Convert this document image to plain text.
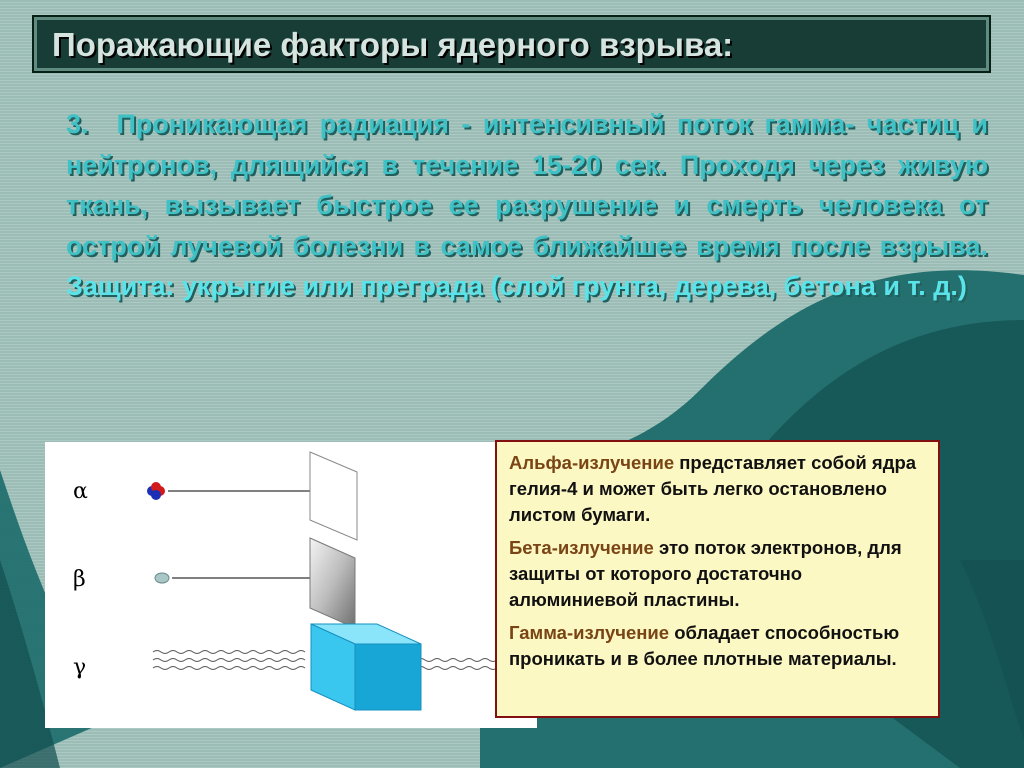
Поражающие факторы ядерного взрыва:
3. Проникающая радиация - интенсивный поток гамма- частиц и нейтронов, длящийся в течение 15-20 сек. Проходя через живую ткань, вызывает быстрое ее разрушение и смерть человека от острой лучевой болезни в самое ближайшее время после взрыва. Защита: укрытие или преграда (слой грунта, дерева, бетона и т. д.)
α
β
γ

Альфа-излучение представляет собой ядра гелия-4 и может быть легко остановлено листом бумаги.

Бета-излучение это поток электронов, для защиты от которого достаточно алюминиевой пластины.

Гамма-излучение обладает способностью проникать и в более плотные материалы.
